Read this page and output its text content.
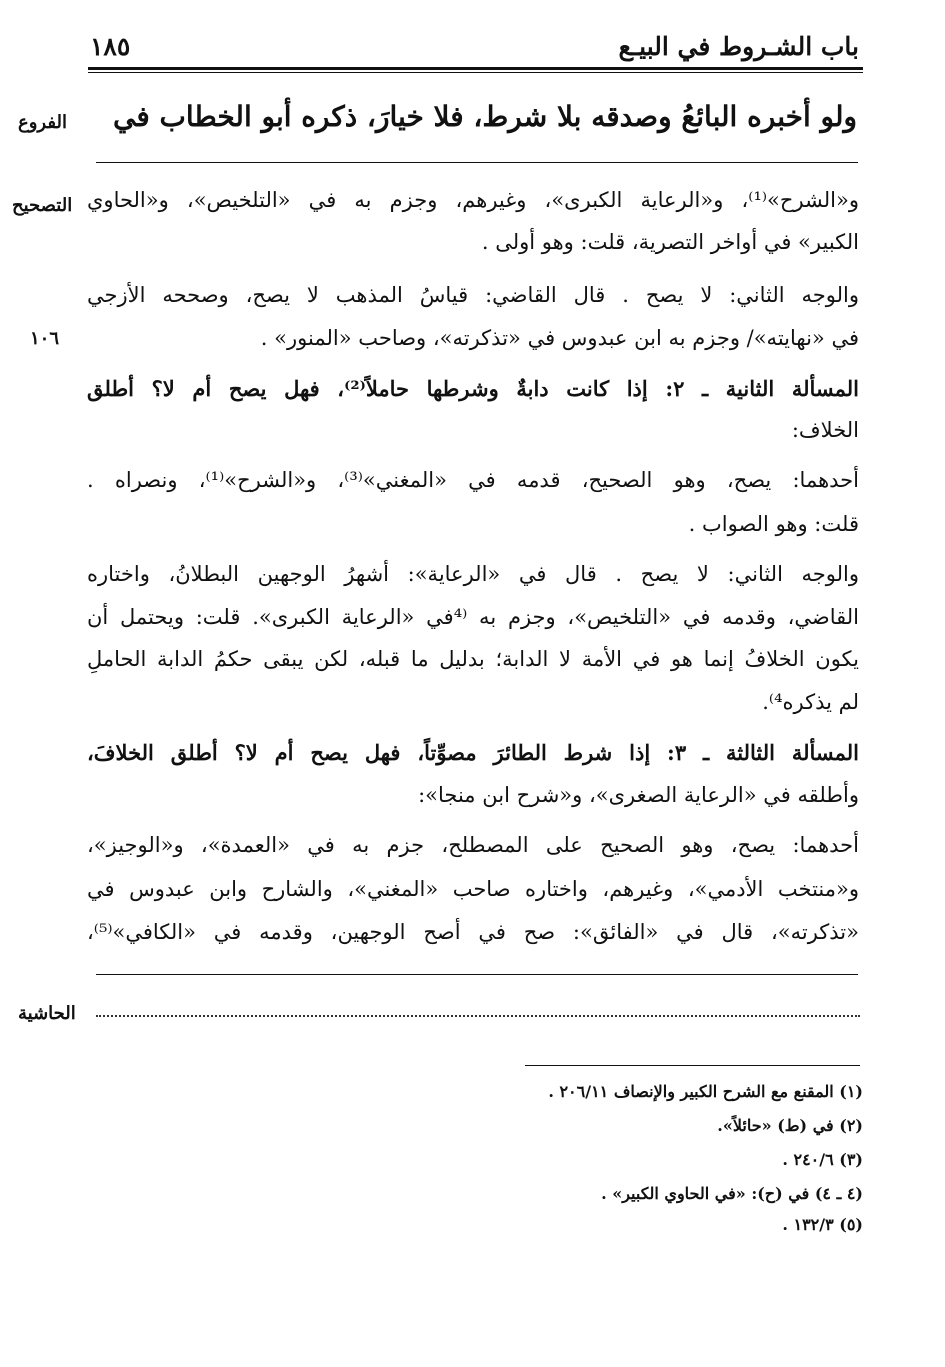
باب الشـروط في البيـع
١٨٥
الفروع	ولو أخبره البائعُ وصدقه بلا شرط، فلا خيارَ، ذكره أبو الخطاب في
التصحيح
١٠٦
و«الشرح»⁽¹⁾، و«الرعاية الكبرى»، وغيرهم، وجزم به في «التلخيص»، و«الحاوي
الكبير» في أواخر التصرية، قلت: وهو أولى .
والوجه الثاني: لا يصح . قال القاضي: قياسُ المذهب لا يصح، وصححه الأزجي
في «نهايته»/ وجزم به ابن عبدوس في «تذكرته»، وصاحب «المنور» .
المسألة الثانية ـ ٢: إذا كانت دابةٌ وشرطها حاملاً⁽²⁾، فهل يصح أم لا؟ أطلق
الخلاف:
أحدهما: يصح، وهو الصحيح، قدمه في «المغني»⁽³⁾، و«الشرح»⁽¹⁾، ونصراه .
قلت: وهو الصواب .
والوجه الثاني: لا يصح . قال في «الرعاية»: أشهرُ الوجهين البطلانُ، واختاره
القاضي، وقدمه في «التلخيص»، وجزم به ⁽⁴في «الرعاية الكبرى». قلت: ويحتمل أن
يكون الخلافُ إنما هو في الأمة لا الدابة؛ بدليل ما قبله، لكن يبقى حكمُ الدابة الحاملِ
لم يذكره⁴⁾.
المسألة الثالثة ـ ٣: إذا شرط الطائرَ مصوِّتاً، فهل يصح أم لا؟ أطلق الخلافَ،
وأطلقه في «الرعاية الصغرى»، و«شرح ابن منجا»:
أحدهما: يصح، وهو الصحيح على المصطلح، جزم به في «العمدة»، و«الوجيز»،
و«منتخب الأدمي»، وغيرهم، واختاره صاحب «المغني»، والشارح وابن عبدوس في
«تذكرته»، قال في «الفائق»: صح في أصح الوجهين، وقدمه في «الكافي»⁽⁵⁾،
الحاشية
(١) المقنع مع الشرح الكبير والإنصاف ٢٠٦/١١ .
(٢) في (ط) «حائلاً».
(٣) ٢٤٠/٦ .
(٤ ـ ٤) في (ح): «في الحاوي الكبير» .
(٥) ١٣٢/٣ .
